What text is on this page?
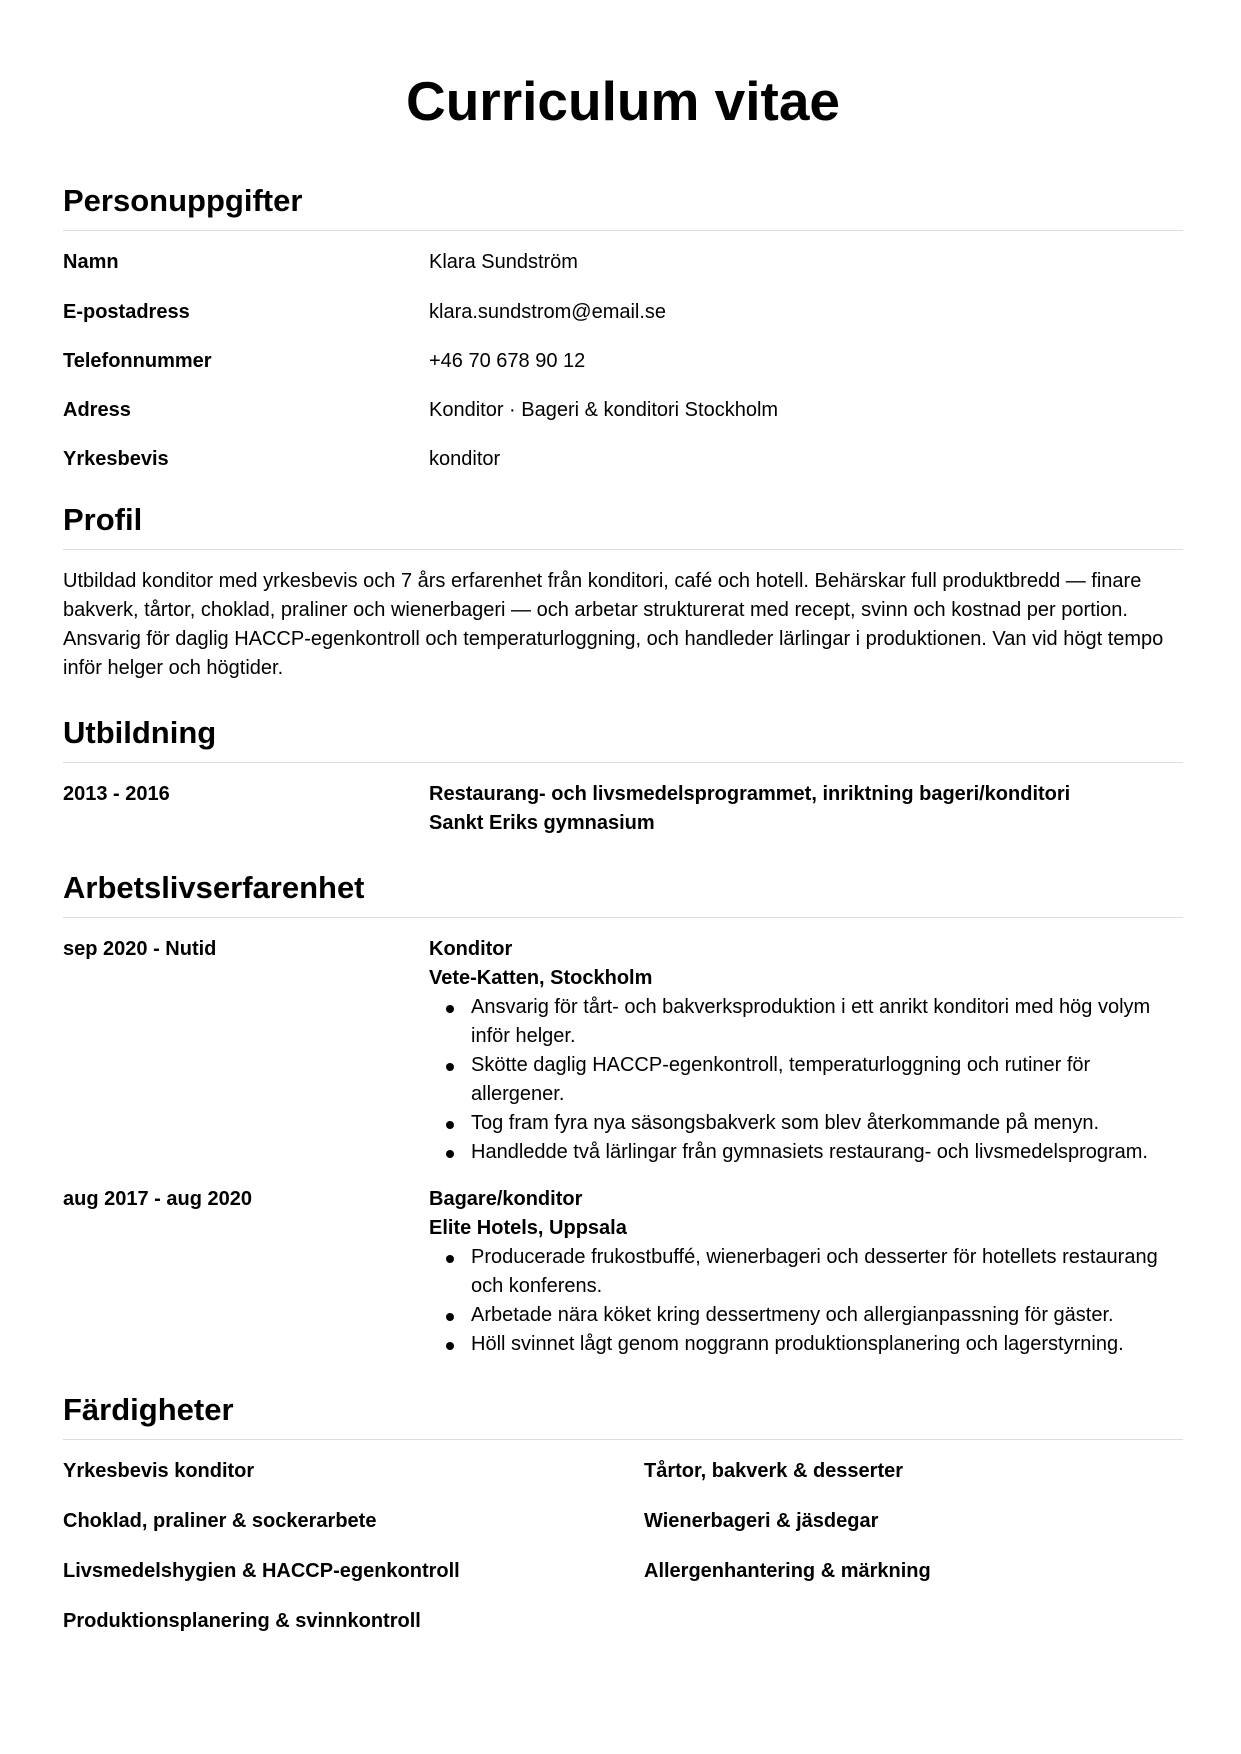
Curriculum vitae
Personuppgifter
Namn	Klara Sundström
E-postadress	klara.sundstrom@email.se
Telefonnummer	+46 70 678 90 12
Adress	Konditor · Bageri & konditori Stockholm
Yrkesbevis	konditor
Profil

Utbildad konditor med yrkesbevis och 7 års erfarenhet från konditori, café och hotell. Behärskar full produktbredd — finare bakverk, tårtor, choklad, praliner och wienerbageri — och arbetar strukturerat med recept, svinn och kostnad per portion. Ansvarig för daglig HACCP-egenkontroll och temperaturloggning, och handleder lärlingar i produktionen. Van vid högt tempo inför helger och högtider.

Utbildning
2013 - 2016	Restaurang- och livsmedelsprogrammet, inriktning bageri/konditori
Sankt Eriks gymnasium
Arbetslivserfarenhet
sep 2020 - Nutid	Konditor
Vete-Katten, Stockholm
Ansvarig för tårt- och bakverksproduktion i ett anrikt konditori med hög volym inför helger.
Skötte daglig HACCP-egenkontroll, temperaturloggning och rutiner för allergener.
Tog fram fyra nya säsongsbakverk som blev återkommande på menyn.
Handledde två lärlingar från gymnasiets restaurang- och livsmedelsprogram.
aug 2017 - aug 2020	Bagare/konditor
Elite Hotels, Uppsala
Producerade frukostbuffé, wienerbageri och desserter för hotellets restaurang och konferens.
Arbetade nära köket kring dessertmeny och allergianpassning för gäster.
Höll svinnet lågt genom noggrann produktionsplanering och lagerstyrning.
Färdigheter
Yrkesbevis konditor	Tårtor, bakverk & desserter
Choklad, praliner & sockerarbete	Wienerbageri & jäsdegar
Livsmedelshygien & HACCP-egenkontroll	Allergenhantering & märkning
Produktionsplanering & svinnkontroll
